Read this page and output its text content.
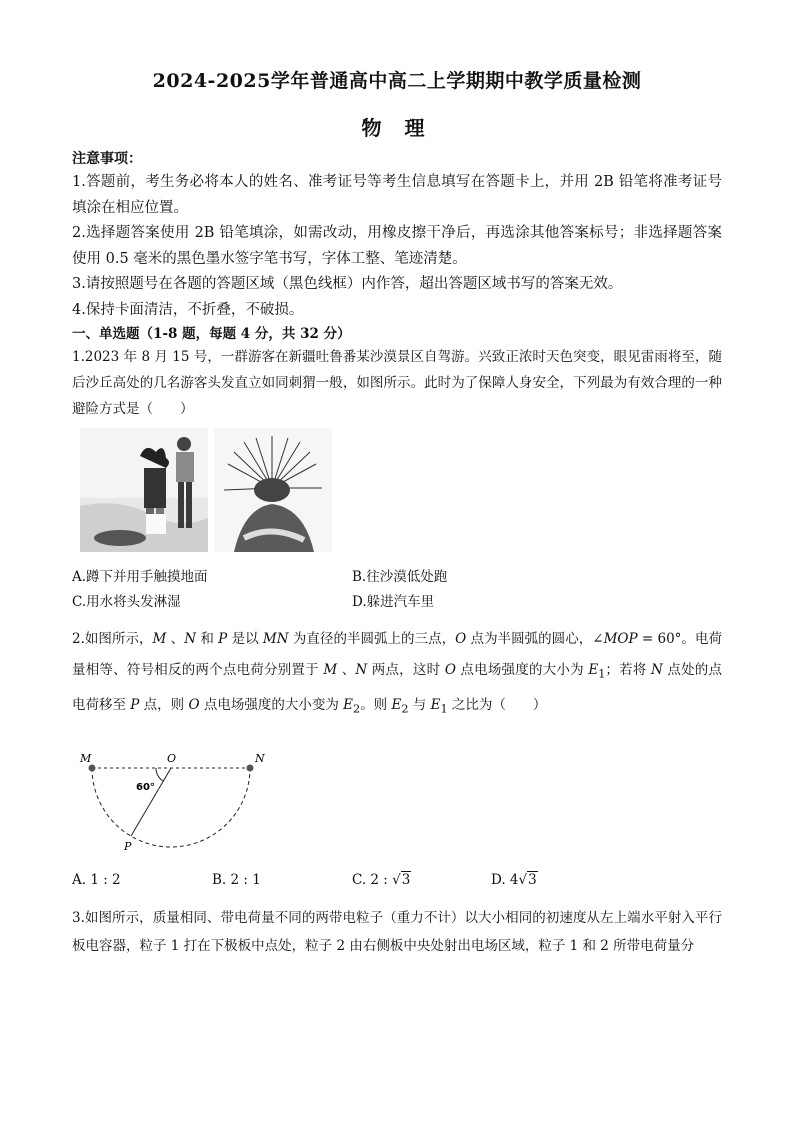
2024-2025学年普通高中高二上学期期中教学质量检测
物 理
注意事项：
1.答题前，考生务必将本人的姓名、准考证号等考生信息填写在答题卡上，并用 2B 铅笔将准考证号填涂在相应位置。
2.选择题答案使用 2B 铅笔填涂，如需改动，用橡皮擦干净后，再选涂其他答案标号；非选择题答案使用 0.5 毫米的黑色墨水签字笔书写，字体工整、笔迹清楚。
3.请按照题号在各题的答题区域（黑色线框）内作答，超出答题区域书写的答案无效。
4.保持卡面清洁，不折叠，不破损。
一、单选题（1-8 题，每题 4 分，共 32 分）
1.2023 年 8 月 15 号，一群游客在新疆吐鲁番某沙漠景区自驾游。兴致正浓时天色突变，眼见雷雨将至，随后沙丘高处的几名游客头发直立如同刺猬一般，如图所示。此时为了保障人身安全，下列最为有效合理的一种避险方式是（　　）
A.蹲下并用手触摸地面	B.往沙漠低处跑
C.用水将头发淋湿	D.躲进汽车里
2.如图所示，M 、N 和 P 是以 MN 为直径的半圆弧上的三点，O 点为半圆弧的圆心，∠MOP = 60°。电荷量相等、符号相反的两个点电荷分别置于 M 、N 两点，这时 O 点电场强度的大小为 $E_1$；若将 N 点处的点电荷移至 P 点，则 O 点电场强度的大小变为 $E_2$。则 $E_2$ 与 $E_1$ 之比为（　　）
M	O	N
P
60°
A. 1 : 2	B. 2 : 1	C. 2 : √3	D. 4√3
3.如图所示，质量相同、带电荷量不同的两带电粒子（重力不计）以大小相同的初速度从左上端水平射入平行板电容器，粒子 1 打在下极板中点处，粒子 2 由右侧板中央处射出电场区域，粒子 1 和 2 所带电荷量分
